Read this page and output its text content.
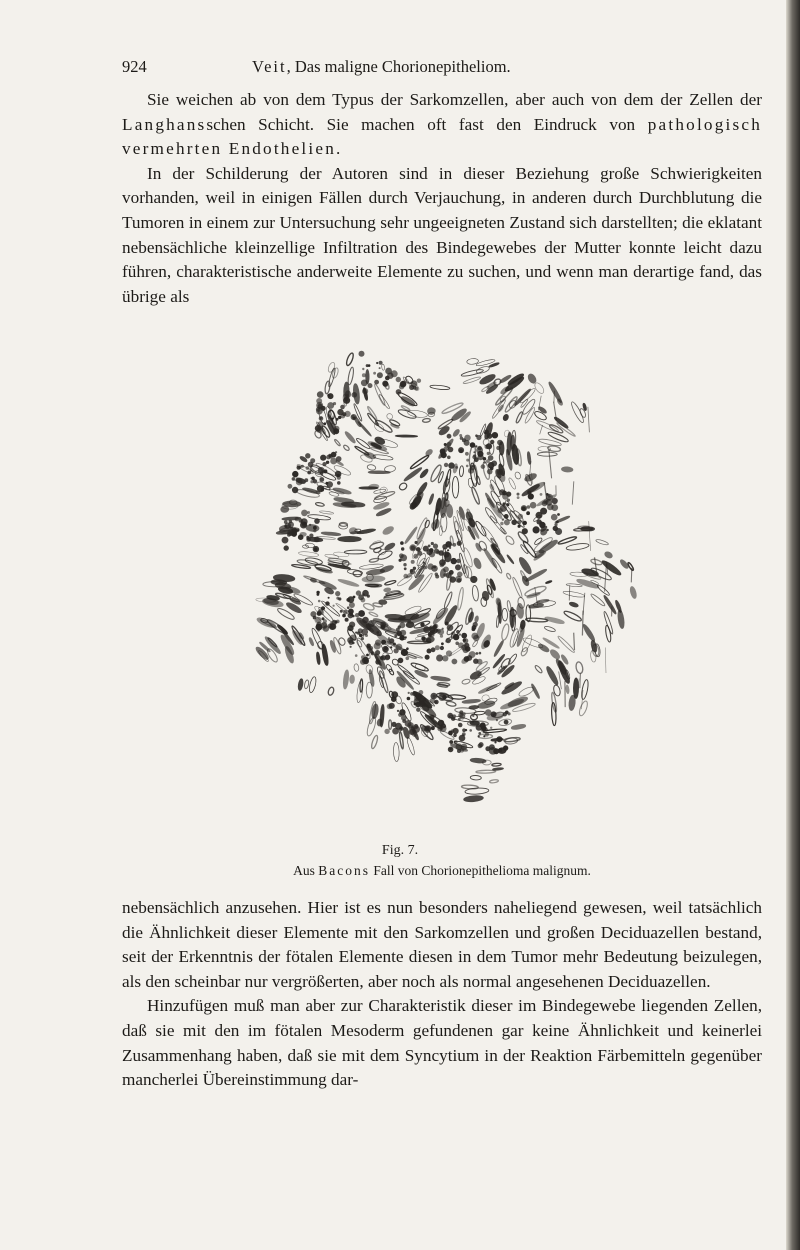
924	Veit, Das maligne Chorionepitheliom.

Sie weichen ab von dem Typus der Sarkomzellen, aber auch von dem der Zellen der Langhansschen Schicht. Sie machen oft fast den Eindruck von pathologisch vermehrten Endothelien.

In der Schilderung der Autoren sind in dieser Beziehung große Schwierigkeiten vorhanden, weil in einigen Fällen durch Verjauchung, in anderen durch Durchblutung die Tumoren in einem zur Untersuchung sehr ungeeigneten Zustand sich darstellten; die eklatant nebensächliche kleinzellige Infiltration des Bindegewebes der Mutter konnte leicht dazu führen, charakteristische anderweite Elemente zu suchen, und wenn man derartige fand, das übrige als

Fig. 7.
Aus Bacons Fall von Chorionepithelioma malignum.

nebensächlich anzusehen. Hier ist es nun besonders naheliegend gewesen, weil tatsächlich die Ähnlichkeit dieser Elemente mit den Sarkomzellen und großen Deciduazellen bestand, seit der Erkenntnis der fötalen Elemente diesen in dem Tumor mehr Bedeutung beizulegen, als den scheinbar nur vergrößerten, aber noch als normal angesehenen Deciduazellen.

Hinzufügen muß man aber zur Charakteristik dieser im Bindegewebe liegenden Zellen, daß sie mit den im fötalen Mesoderm gefundenen gar keine Ähnlichkeit und keinerlei Zusammenhang haben, daß sie mit dem Syncytium in der Reaktion Färbemitteln gegenüber mancherlei Übereinstimmung dar-
